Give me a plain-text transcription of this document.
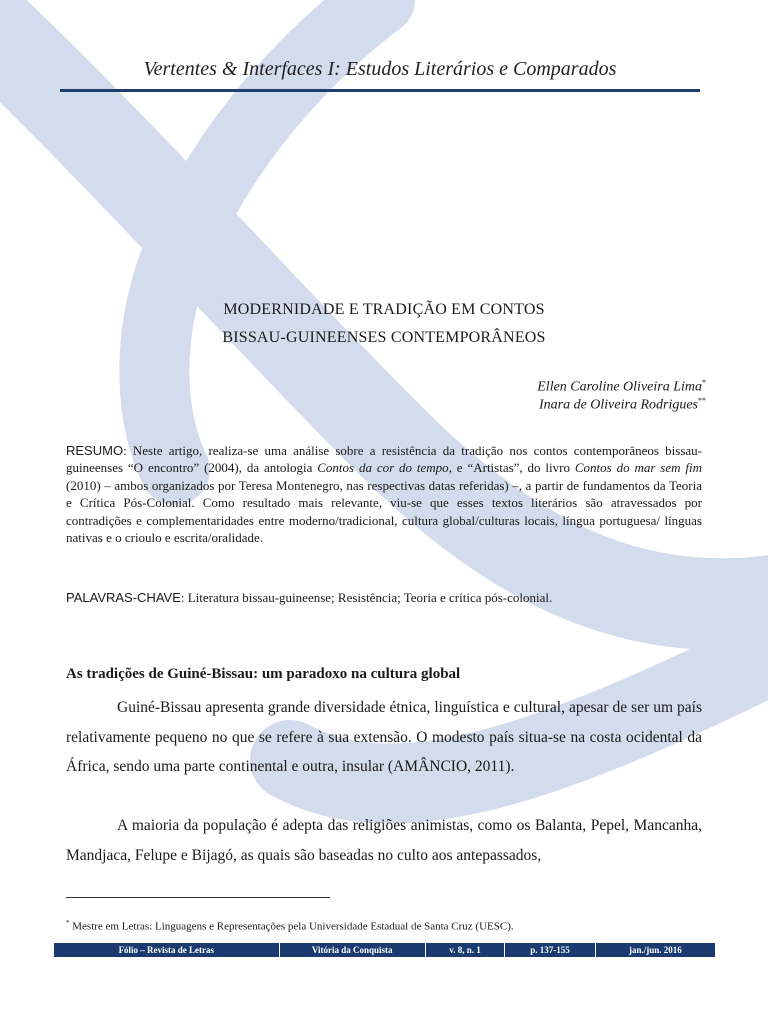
Vertentes & Interfaces I: Estudos Literários e Comparados
MODERNIDADE E TRADIÇÃO EM CONTOS
BISSAU-GUINEENSES CONTEMPORÂNEOS
Ellen Caroline Oliveira Lima*
Inara de Oliveira Rodrigues**
RESUMO: Neste artigo, realiza-se uma análise sobre a resistência da tradição nos contos contemporâneos bissau-guineenses “O encontro” (2004), da antologia Contos da cor do tempo, e “Artistas”, do livro Contos do mar sem fim (2010) – ambos organizados por Teresa Montenegro, nas respectivas datas referidas) –, a partir de fundamentos da Teoria e Crítica Pós-Colonial. Como resultado mais relevante, viu-se que esses textos literários são atravessados por contradições e complementaridades entre moderno/tradicional, cultura global/culturas locais, língua portuguesa/ línguas nativas e o crioulo e escrita/oralidade.
PALAVRAS-CHAVE: Literatura bissau-guineense; Resistência; Teoria e crítica pós-colonial.
As tradições de Guiné-Bissau: um paradoxo na cultura global
Guiné-Bissau apresenta grande diversidade étnica, linguística e cultural, apesar de ser um país relativamente pequeno no que se refere à sua extensão. O modesto país situa-se na costa ocidental da África, sendo uma parte continental e outra, insular (AMÂNCIO, 2011).
A maioria da população é adepta das religiões animistas, como os Balanta, Pepel, Mancanha, Mandjaca, Felupe e Bijagó, as quais são baseadas no culto aos antepassados,
* Mestre em Letras: Linguagens e Representações pela Universidade Estadual de Santa Cruz (UESC).
Fólio – Revista de Letras	Vitória da Conquista	v. 8, n. 1	p. 137-155	jan./jun. 2016
